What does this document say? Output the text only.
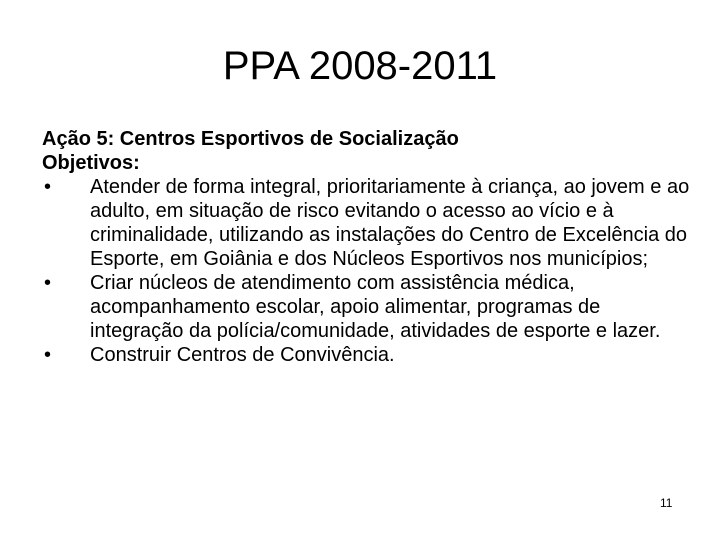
PPA 2008-2011
Ação 5: Centros Esportivos de Socialização
Objetivos:
• Atender de forma integral, prioritariamente à criança, ao jovem e ao adulto, em situação de risco evitando o acesso ao vício e à criminalidade, utilizando as instalações do Centro de Excelência do Esporte, em Goiânia e dos Núcleos Esportivos nos municípios;
• Criar núcleos de atendimento com assistência médica, acompanhamento escolar, apoio alimentar, programas de integração da polícia/comunidade, atividades de esporte e lazer.
• Construir Centros de Convivência.
11
